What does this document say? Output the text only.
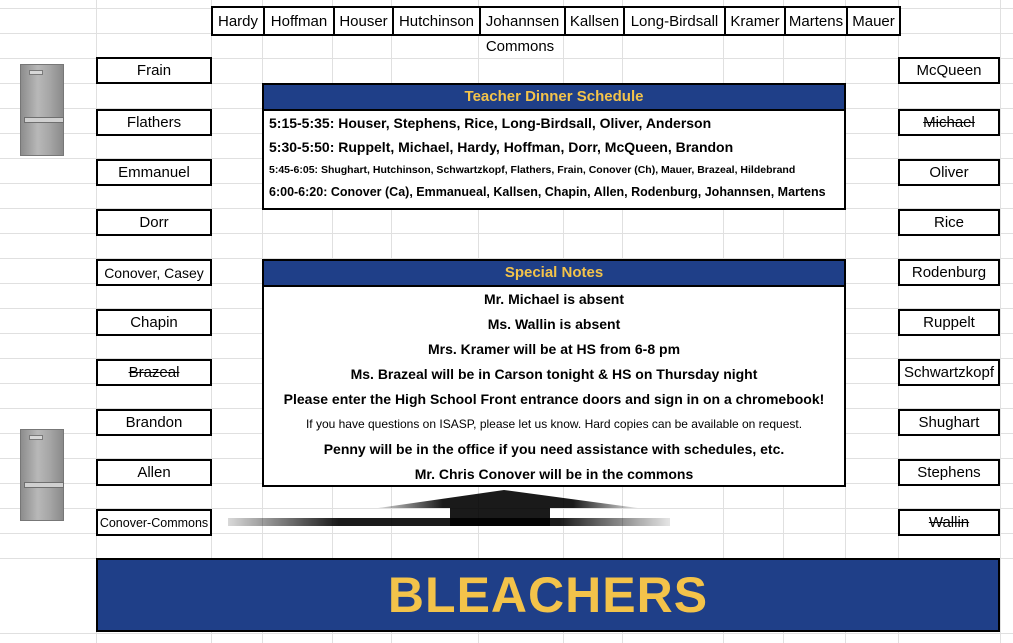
Hardy Hoffman Houser Hutchinson Johannsen Kallsen Long-Birdsall Kramer Martens Mauer
Commons
Frain
Flathers
Emmanuel
Dorr
Conover, Casey
Chapin
Brazeal
Brandon
Allen
Conover-Commons
McQueen
Michael
Oliver
Rice
Rodenburg
Ruppelt
Schwartzkopf
Shughart
Stephens
Wallin
Teacher Dinner Schedule
5:15-5:35: Houser, Stephens, Rice, Long-Birdsall, Oliver, Anderson
5:30-5:50: Ruppelt, Michael, Hardy, Hoffman, Dorr, McQueen, Brandon
5:45-6:05: Shughart, Hutchinson, Schwartzkopf, Flathers, Frain, Conover (Ch), Mauer, Brazeal, Hildebrand
6:00-6:20: Conover (Ca), Emmanueal, Kallsen, Chapin, Allen, Rodenburg, Johannsen, Martens
Special Notes
Mr. Michael is absent
Ms. Wallin is absent
Mrs. Kramer will be at HS from 6-8 pm
Ms. Brazeal will be in Carson tonight & HS on Thursday night
Please enter the High School Front entrance doors and sign in on a chromebook!
If you have questions on ISASP, please let us know. Hard copies can be available on request.
Penny will be in the office if you need assistance with schedules, etc.
Mr. Chris Conover will be in the commons
BLEACHERS
